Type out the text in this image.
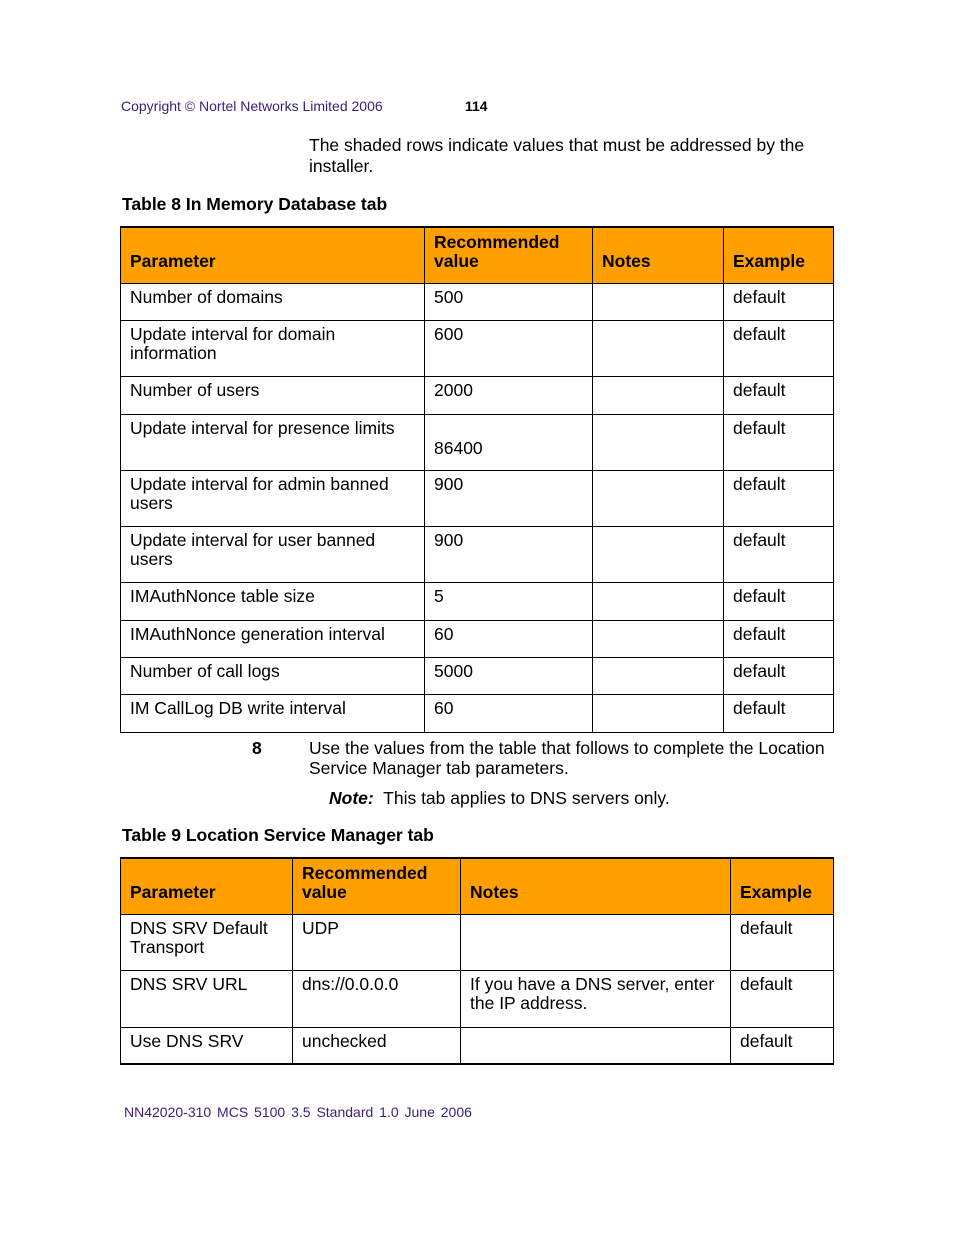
Copyright © Nortel Networks Limited 2006	114
The shaded rows indicate values that must be addressed by the installer.
Table 8 In Memory Database tab
Parameter	Recommended value	Notes	Example
Number of domains	500		default
Update interval for domain information	600		default
Number of users	2000		default
Update interval for presence limits	86400		default
Update interval for admin banned users	900		default
Update interval for user banned users	900		default
IMAuthNonce table size	5		default
IMAuthNonce generation interval	60		default
Number of call logs	5000		default
IM CallLog DB write interval	60		default
8	Use the values from the table that follows to complete the Location Service Manager tab parameters.
Note: This tab applies to DNS servers only.
Table 9 Location Service Manager tab
Parameter	Recommended value	Notes	Example
DNS SRV Default Transport	UDP		default
DNS SRV URL	dns://0.0.0.0	If you have a DNS server, enter the IP address.	default
Use DNS SRV	unchecked		default
NN42020-310 MCS 5100 3.5 Standard 1.0 June 2006
